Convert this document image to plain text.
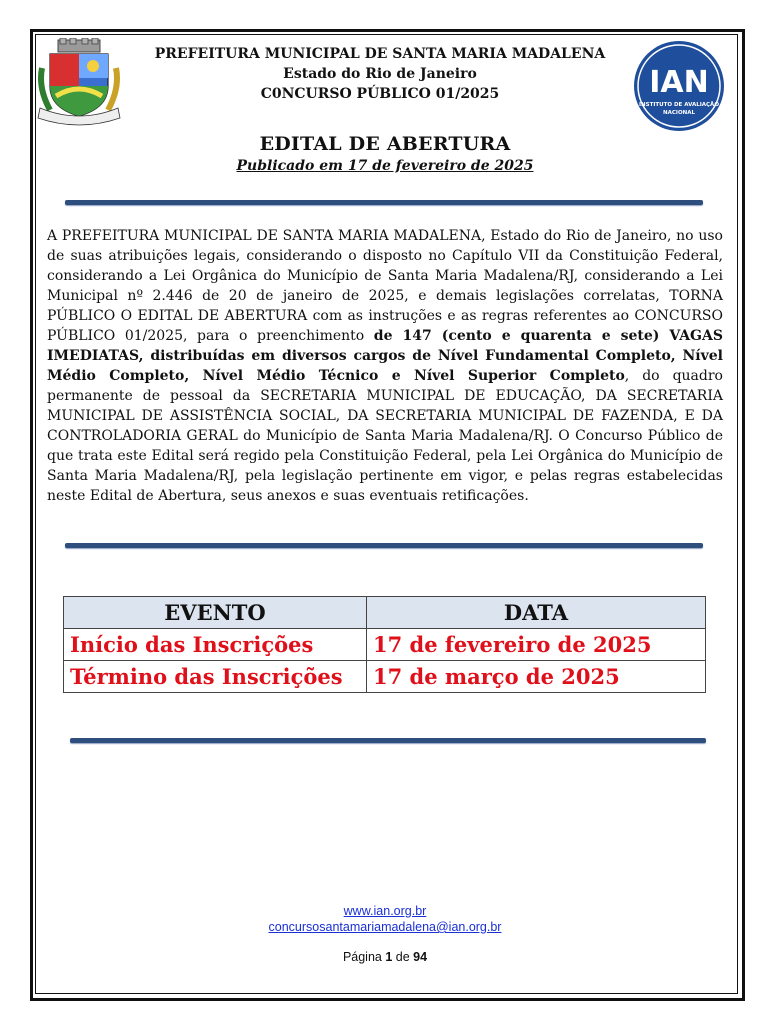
IAN
INSTITUTO DE AVALIAÇÃO
NACIONAL
PREFEITURA MUNICIPAL DE SANTA MARIA MADALENA
Estado do Rio de Janeiro
C0NCURSO PÚBLICO 01/2025
EDITAL DE ABERTURA
Publicado em 17 de fevereiro de 2025
A PREFEITURA MUNICIPAL DE SANTA MARIA MADALENA, Estado do Rio de Janeiro, no uso de suas atribuições legais, considerando o disposto no Capítulo VII da Constituição Federal, considerando a Lei Orgânica do Município de Santa Maria Madalena/RJ, considerando a Lei Municipal nº 2.446 de 20 de janeiro de 2025, e demais legislações correlatas, TORNA PÚBLICO O EDITAL DE ABERTURA com as instruções e as regras referentes ao CONCURSO PÚBLICO 01/2025, para o preenchimento de 147 (cento e quarenta e sete) VAGAS IMEDIATAS, distribuídas em diversos cargos de Nível Fundamental Completo, Nível Médio Completo, Nível Médio Técnico e Nível Superior Completo, do quadro permanente de pessoal da SECRETARIA MUNICIPAL DE EDUCAÇÃO, DA SECRETARIA MUNICIPAL DE ASSISTÊNCIA SOCIAL, DA SECRETARIA MUNICIPAL DE FAZENDA, E DA CONTROLADORIA GERAL do Município de Santa Maria Madalena/RJ. O Concurso Público de que trata este Edital será regido pela Constituição Federal, pela Lei Orgânica do Município de Santa Maria Madalena/RJ, pela legislação pertinente em vigor, e pelas regras estabelecidas neste Edital de Abertura, seus anexos e suas eventuais retificações.
EVENTO	DATA
Início das Inscrições	17 de fevereiro de 2025
Término das Inscrições	17 de março de 2025
www.ian.org.br
concursosantamariamadalena@ian.org.br
Página 1 de 94
